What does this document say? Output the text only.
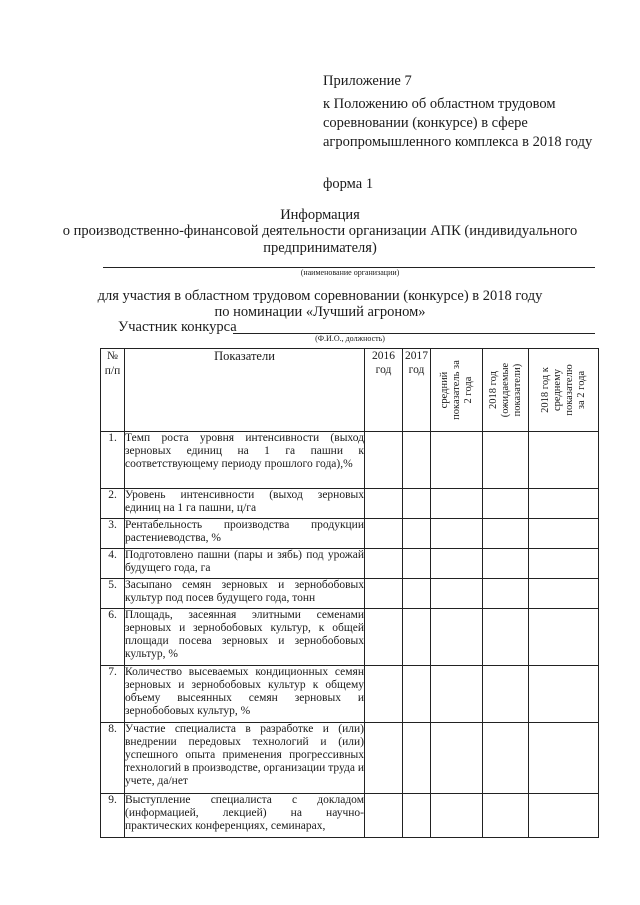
Приложение 7
к Положению об областном трудовом
соревновании (конкурсе) в сфере
агропромышленного комплекса в 2018 году
форма 1
Информация
о производственно-финансовой деятельности организации АПК (индивидуального
предпринимателя)
(наименование организации)
для участия в областном трудовом соревновании (конкурсе) в 2018 году
по номинации «Лучший агроном»
Участник конкурса
(Ф.И.О., должность)
№ п/п	Показатели	2016 год	2017 год	средний
показатель за
2 года	2018 год
(ожидаемые
показатели)	2018 год к
среднему
показателю
за 2 года

1.	Темп роста уровня интенсивности (выход зерновых единиц на 1 га пашни к соответствующему периоду прошлого года),%					
2.	Уровень интенсивности (выход зерновых единиц на 1 га пашни, ц/га					
3.	Рентабельность производства продукции растениеводства, %					
4.	Подготовлено пашни (пары и зябь) под урожай будущего года, га					
5.	Засыпано семян зерновых и зернобобовых культур под посев будущего года, тонн					
6.	Площадь, засеянная элитными семенами зерновых и зернобобовых культур, к общей площади посева зерновых и зернобобовых культур, %					
7.	Количество высеваемых кондиционных семян зерновых и зернобобовых культур к общему объему высеянных семян зерновых и зернобобовых культур, %					
8.	Участие специалиста в разработке и (или) внедрении передовых технологий и (или) успешного опыта применения прогрессивных технологий в производстве, организации труда и учете, да/нет					
9.	Выступление специалиста с докладом (информацией, лекцией) на научно-практических конференциях, семинарах,					
